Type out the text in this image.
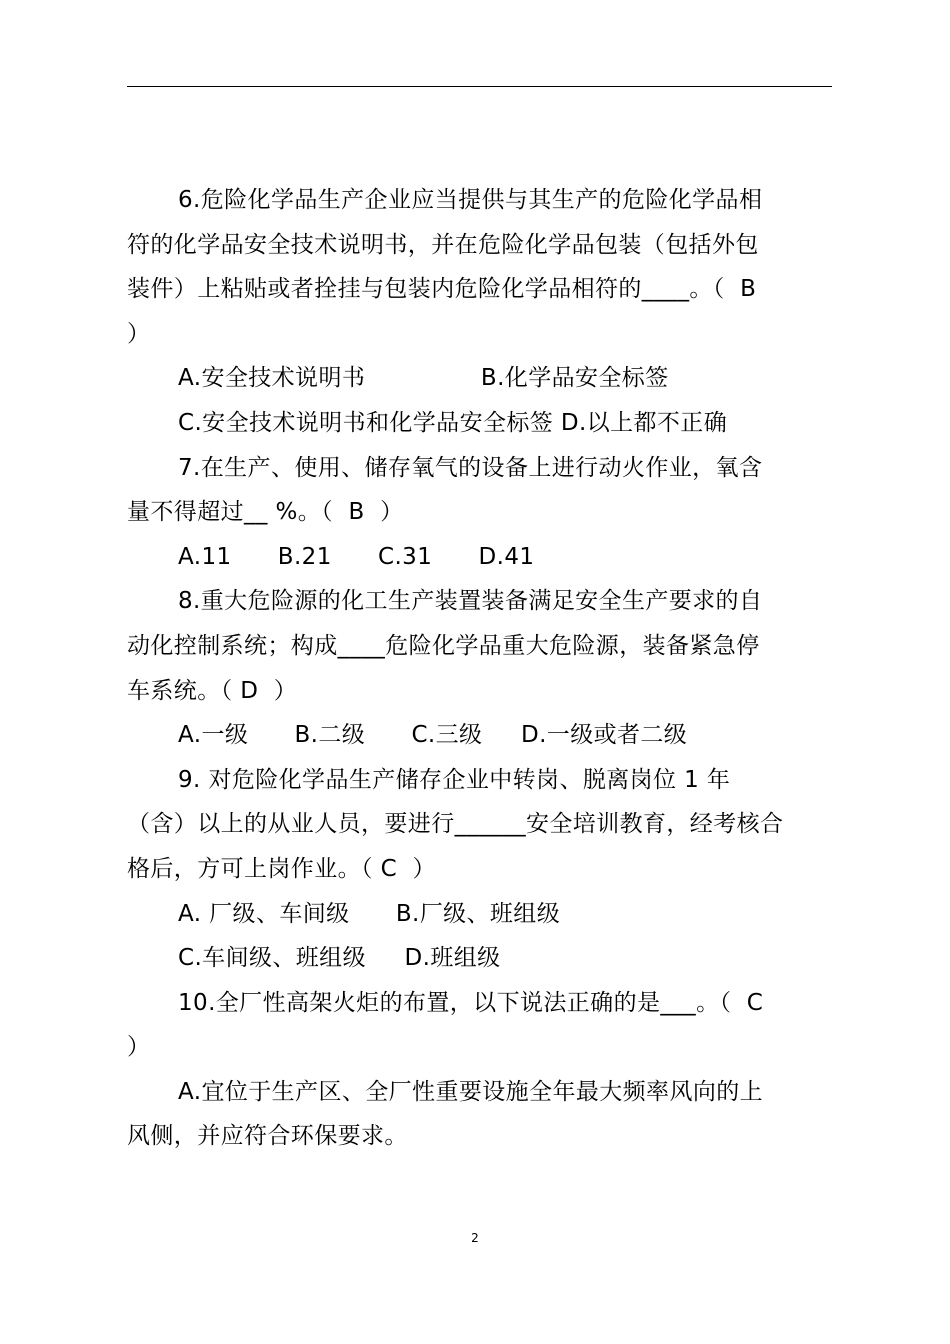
6.危险化学品生产企业应当提供与其生产的危险化学品相
符的化学品安全技术说明书，并在危险化学品包装（包括外包
装件）上粘贴或者拴挂与包装内危险化学品相符的____。（  B
）
A.安全技术说明书               B.化学品安全标签
C.安全技术说明书和化学品安全标签 D.以上都不正确
7.在生产、使用、储存氧气的设备上进行动火作业，氧含
量不得超过__ %。（  B  ）
A.11      B.21      C.31      D.41
8.重大危险源的化工生产装置装备满足安全生产要求的自
动化控制系统；构成____危险化学品重大危险源，装备紧急停
车系统。（ D  ）
A.一级      B.二级      C.三级     D.一级或者二级
9. 对危险化学品生产储存企业中转岗、脱离岗位 1 年
（含）以上的从业人员，要进行______安全培训教育，经考核合
格后，方可上岗作业。（ C  ）
A. 厂级、车间级      B.厂级、班组级
C.车间级、班组级     D.班组级
10.全厂性高架火炬的布置，以下说法正确的是___。（  C
）
A.宜位于生产区、全厂性重要设施全年最大频率风向的上
风侧，并应符合环保要求。
2
